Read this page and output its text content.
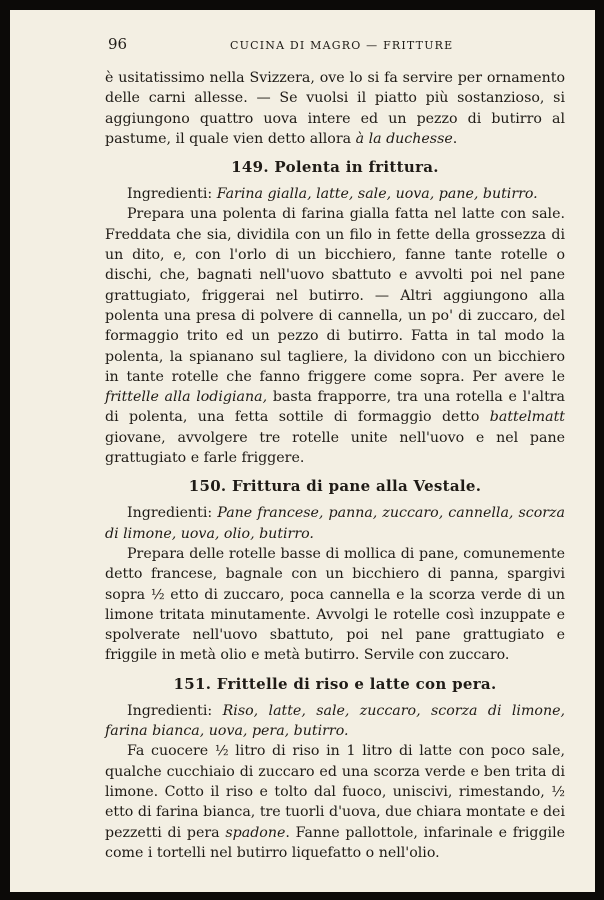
96	CUCINA DI MAGRO — FRITTURE

è usitatissimo nella Svizzera, ove lo si fa servire per ornamento delle carni allesse. — Se vuolsi il piatto più sostanzioso, si aggiungono quattro uova intere ed un pezzo di butirro al pastume, il quale vien detto allora à la duchesse.

149. Polenta in frittura.

Ingredienti: Farina gialla, latte, sale, uova, pane, butirro.

Prepara una polenta di farina gialla fatta nel latte con sale. Freddata che sia, dividila con un filo in fette della grossezza di un dito, e, con l'orlo di un bicchiero, fanne tante rotelle o dischi, che, bagnati nell'uovo sbattuto e avvolti poi nel pane grattugiato, friggerai nel butirro. — Altri aggiungono alla polenta una presa di polvere di cannella, un po' di zuccaro, del formaggio trito ed un pezzo di butirro. Fatta in tal modo la polenta, la spianano sul tagliere, la dividono con un bicchiero in tante rotelle che fanno friggere come sopra. Per avere le frittelle alla lodigiana, basta frapporre, tra una rotella e l'altra di polenta, una fetta sottile di formaggio detto battelmatt giovane, avvolgere tre rotelle unite nell'uovo e nel pane grattugiato e farle friggere.

150. Frittura di pane alla Vestale.

Ingredienti: Pane francese, panna, zuccaro, cannella, scorza di limone, uova, olio, butirro.

Prepara delle rotelle basse di mollica di pane, comunemente detto francese, bagnale con un bicchiero di panna, spargivi sopra ½ etto di zuccaro, poca cannella e la scorza verde di un limone tritata minutamente. Avvolgi le rotelle così inzuppate e spolverate nell'uovo sbattuto, poi nel pane grattugiato e friggile in metà olio e metà butirro. Servile con zuccaro.

151. Frittelle di riso e latte con pera.

Ingredienti: Riso, latte, sale, zuccaro, scorza di limone, farina bianca, uova, pera, butirro.

Fa cuocere ½ litro di riso in 1 litro di latte con poco sale, qualche cucchiaio di zuccaro ed una scorza verde e ben trita di limone. Cotto il riso e tolto dal fuoco, uniscivi, rimestando, ½ etto di farina bianca, tre tuorli d'uova, due chiara montate e dei pezzetti di pera spadone. Fanne pallottole, infarinale e friggile come i tortelli nel butirro liquefatto o nell'olio.
